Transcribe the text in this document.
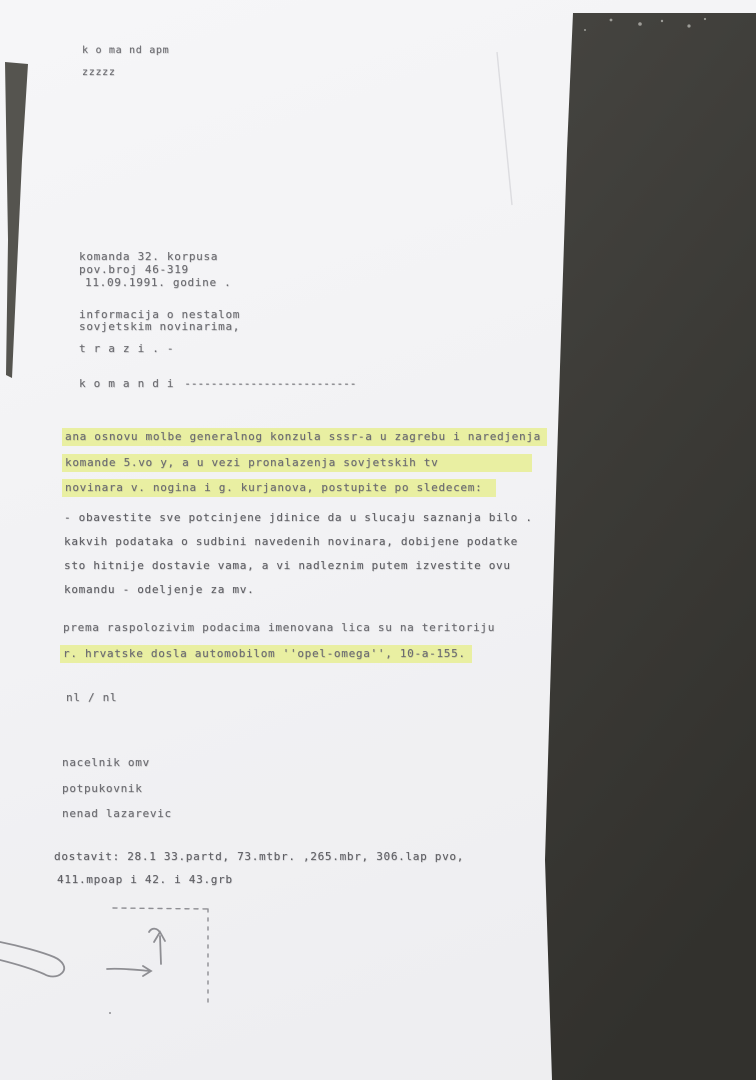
k o ma nd apm
zzzzz
komanda 32. korpusa
pov.broj 46-319
11.09.1991. godine .
informacija o nestalom
sovjetskim novinarima,
t r a z i . -
k o m a n d i --------------------------
ana osnovu molbe generalnog konzula sssr-a u zagrebu i naredjenja
komande 5.vo y, a u vezi pronalazenja sovjetskih tv
novinara v. nogina i g. kurjanova, postupite po sledecem:
- obavestite sve potcinjene jdinice da u slucaju saznanja bilo .
kakvih podataka o sudbini navedenih novinara, dobijene podatke
sto hitnije dostavie vama, a vi nadleznim putem izvestite ovu
komandu - odeljenje za mv.
prema raspolozivim podacima imenovana lica su na teritoriju
r. hrvatske dosla automobilom ''opel-omega'', 10-a-155.
nl / nl
nacelnik omv
potpukovnik
nenad lazarevic
dostavit: 28.1 33.partd, 73.mtbr. ,265.mbr, 306.lap pvo,
411.mpoap i 42. i 43.grb
